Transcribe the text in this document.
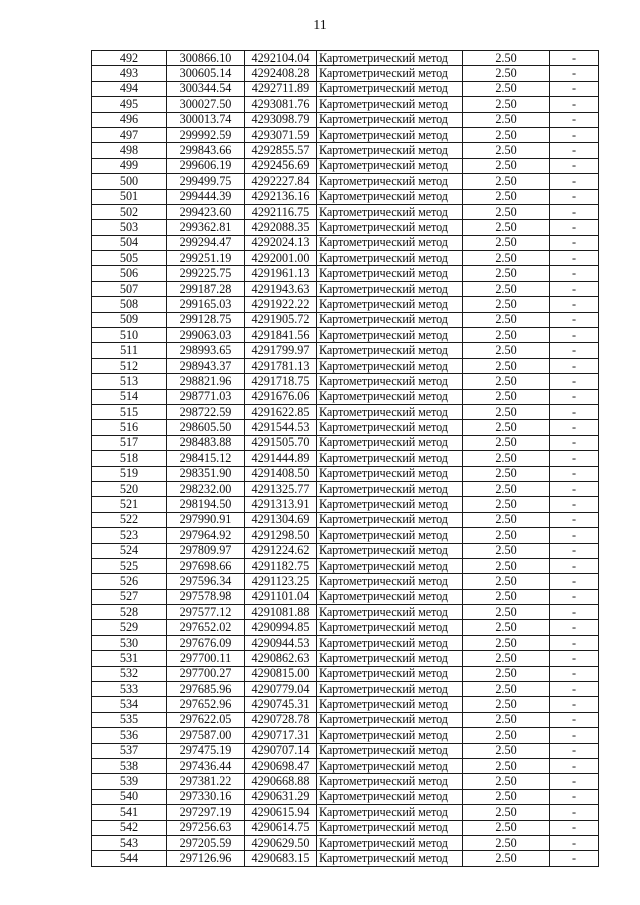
11
492	300866.10	4292104.04	Картометрический метод	2.50	-
493	300605.14	4292408.28	Картометрический метод	2.50	-
494	300344.54	4292711.89	Картометрический метод	2.50	-
495	300027.50	4293081.76	Картометрический метод	2.50	-
496	300013.74	4293098.79	Картометрический метод	2.50	-
497	299992.59	4293071.59	Картометрический метод	2.50	-
498	299843.66	4292855.57	Картометрический метод	2.50	-
499	299606.19	4292456.69	Картометрический метод	2.50	-
500	299499.75	4292227.84	Картометрический метод	2.50	-
501	299444.39	4292136.16	Картометрический метод	2.50	-
502	299423.60	4292116.75	Картометрический метод	2.50	-
503	299362.81	4292088.35	Картометрический метод	2.50	-
504	299294.47	4292024.13	Картометрический метод	2.50	-
505	299251.19	4292001.00	Картометрический метод	2.50	-
506	299225.75	4291961.13	Картометрический метод	2.50	-
507	299187.28	4291943.63	Картометрический метод	2.50	-
508	299165.03	4291922.22	Картометрический метод	2.50	-
509	299128.75	4291905.72	Картометрический метод	2.50	-
510	299063.03	4291841.56	Картометрический метод	2.50	-
511	298993.65	4291799.97	Картометрический метод	2.50	-
512	298943.37	4291781.13	Картометрический метод	2.50	-
513	298821.96	4291718.75	Картометрический метод	2.50	-
514	298771.03	4291676.06	Картометрический метод	2.50	-
515	298722.59	4291622.85	Картометрический метод	2.50	-
516	298605.50	4291544.53	Картометрический метод	2.50	-
517	298483.88	4291505.70	Картометрический метод	2.50	-
518	298415.12	4291444.89	Картометрический метод	2.50	-
519	298351.90	4291408.50	Картометрический метод	2.50	-
520	298232.00	4291325.77	Картометрический метод	2.50	-
521	298194.50	4291313.91	Картометрический метод	2.50	-
522	297990.91	4291304.69	Картометрический метод	2.50	-
523	297964.92	4291298.50	Картометрический метод	2.50	-
524	297809.97	4291224.62	Картометрический метод	2.50	-
525	297698.66	4291182.75	Картометрический метод	2.50	-
526	297596.34	4291123.25	Картометрический метод	2.50	-
527	297578.98	4291101.04	Картометрический метод	2.50	-
528	297577.12	4291081.88	Картометрический метод	2.50	-
529	297652.02	4290994.85	Картометрический метод	2.50	-
530	297676.09	4290944.53	Картометрический метод	2.50	-
531	297700.11	4290862.63	Картометрический метод	2.50	-
532	297700.27	4290815.00	Картометрический метод	2.50	-
533	297685.96	4290779.04	Картометрический метод	2.50	-
534	297652.96	4290745.31	Картометрический метод	2.50	-
535	297622.05	4290728.78	Картометрический метод	2.50	-
536	297587.00	4290717.31	Картометрический метод	2.50	-
537	297475.19	4290707.14	Картометрический метод	2.50	-
538	297436.44	4290698.47	Картометрический метод	2.50	-
539	297381.22	4290668.88	Картометрический метод	2.50	-
540	297330.16	4290631.29	Картометрический метод	2.50	-
541	297297.19	4290615.94	Картометрический метод	2.50	-
542	297256.63	4290614.75	Картометрический метод	2.50	-
543	297205.59	4290629.50	Картометрический метод	2.50	-
544	297126.96	4290683.15	Картометрический метод	2.50	-
